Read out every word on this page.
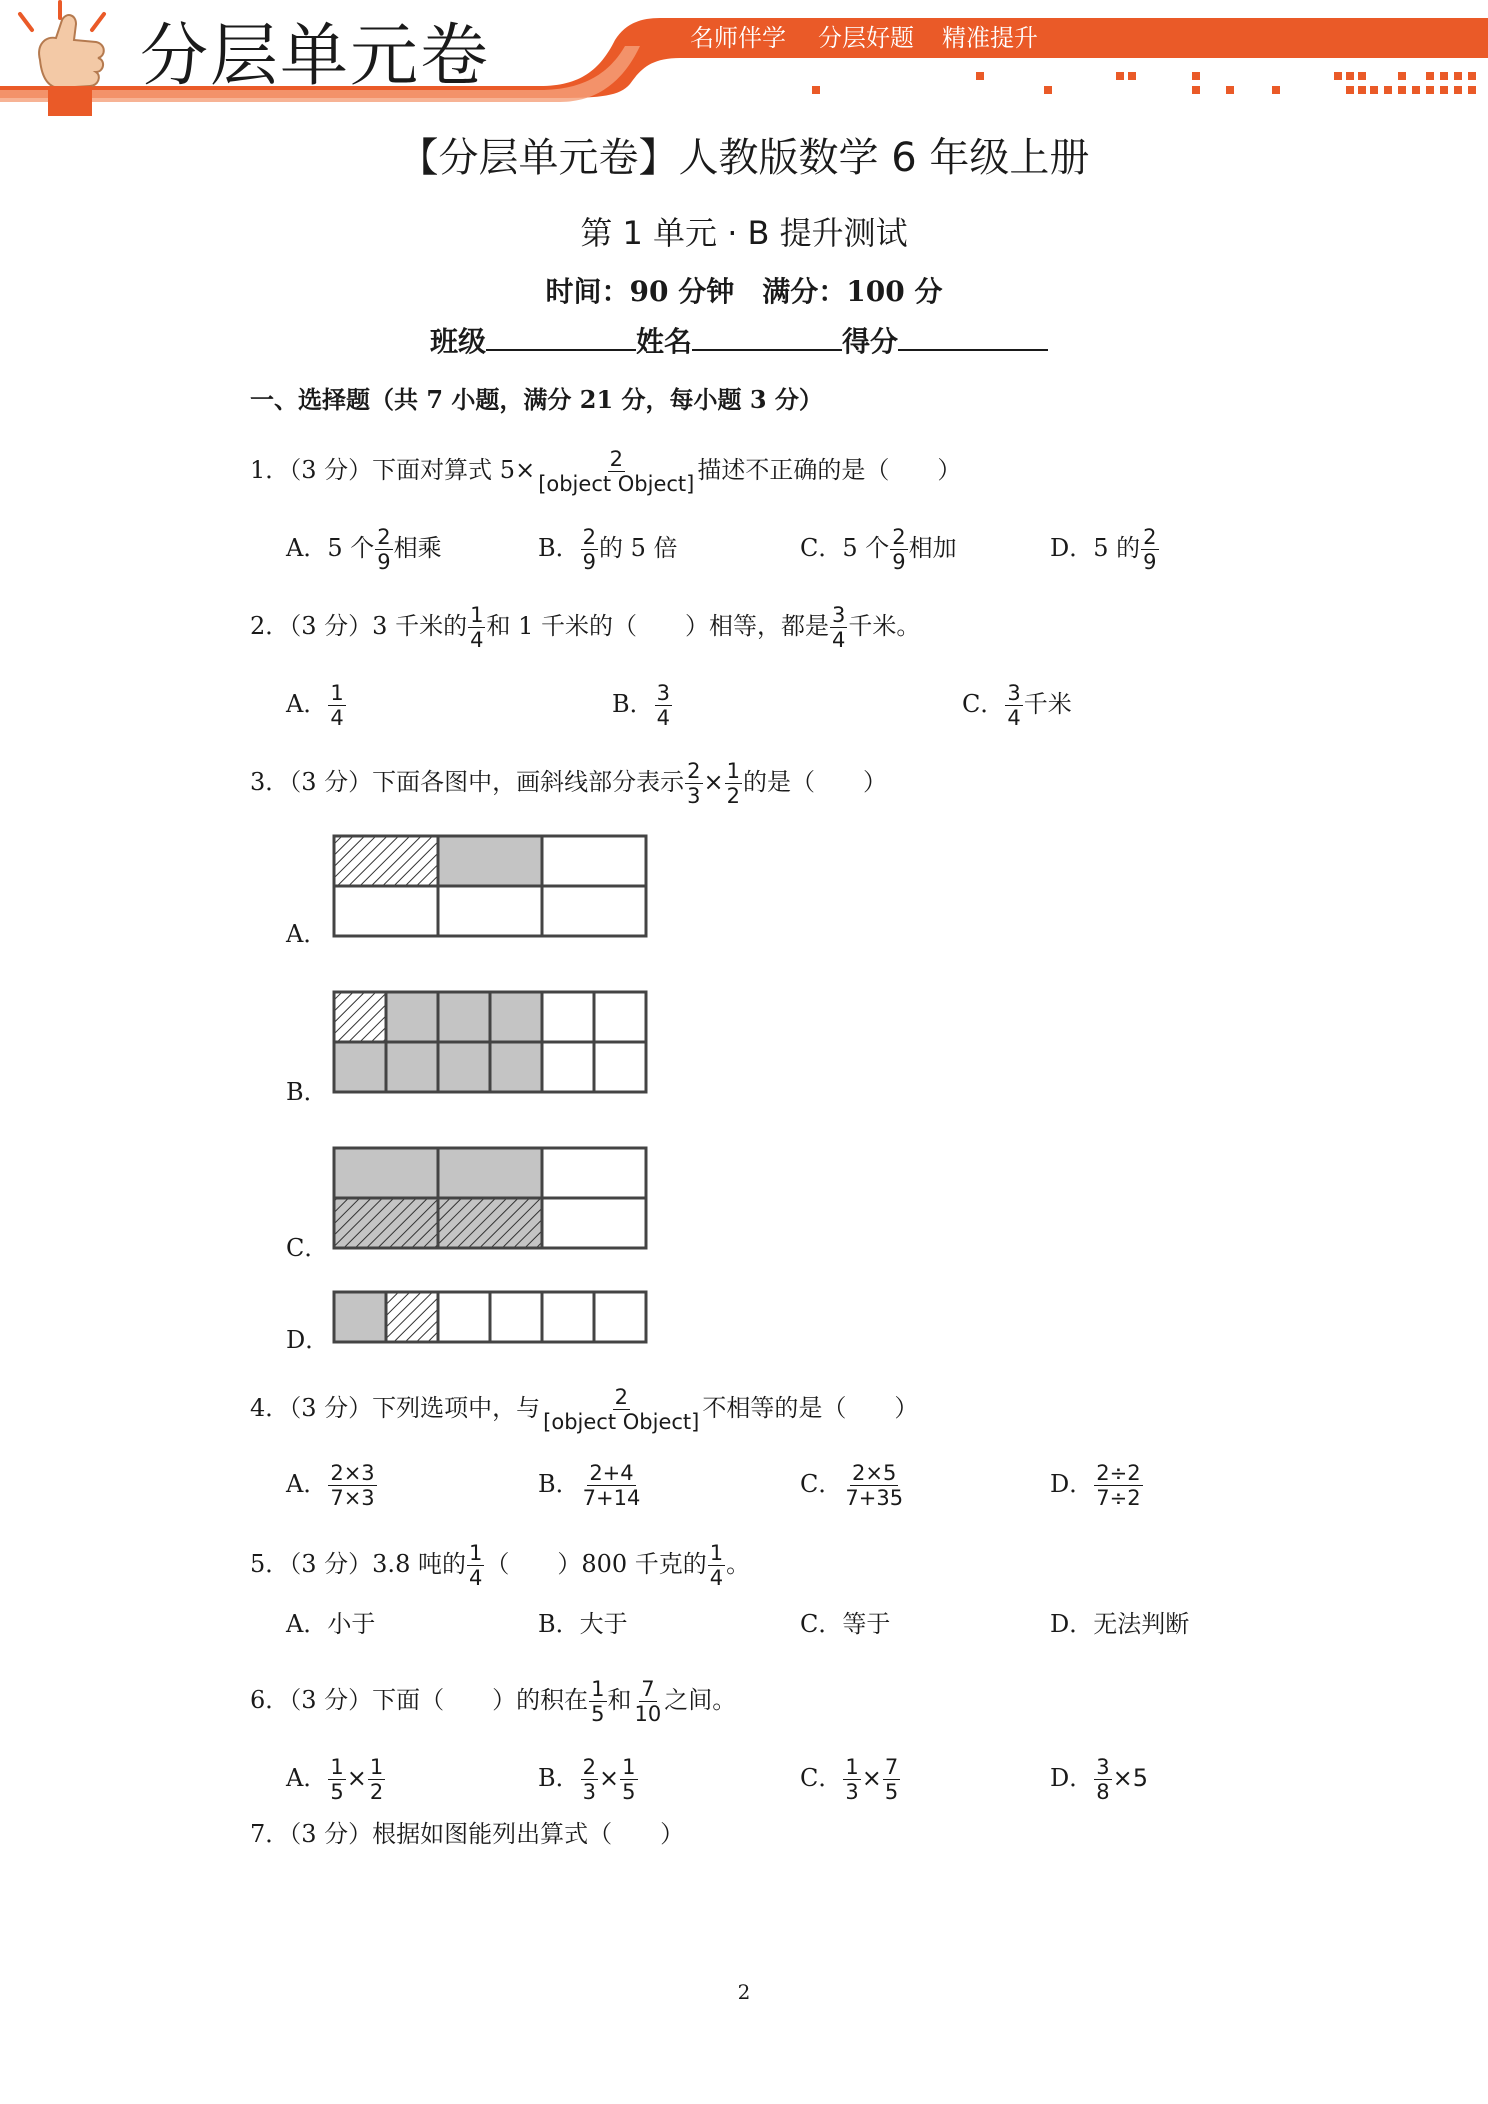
分层单元卷	名师伴学 分层好题 精准提升
【分层单元卷】人教版数学 6 年级上册
第 1 单元 · B 提升测试
时间：90 分钟　满分：100 分
班级	姓名	得分
一、选择题（共 7 小题，满分 21 分，每小题 3 分）
1．（3 分）下面对算式 $5\times \frac{2}{\text{[object Object]}}$ 描述不正确的是（　　）
A．5 个 $\frac{2}{9}$ 相乘	B． $\frac{2}{9}$ 的 5 倍	C．5 个 $\frac{2}{9}$ 相加	D．5 的 $\frac{2}{9}$
2．（3 分）3 千米的 $\frac{1}{4}$ 和 1 千米的（　　）相等，都是 $\frac{3}{4}$ 千米。
A． $\frac{1}{4}$	B． $\frac{3}{4}$	C． $\frac{3}{4}$ 千米
3．（3 分）下面各图中，画斜线部分表示 $\frac{2}{3} \times \frac{1}{2}$ 的是（　　）
A．
B．
C．
D．
4．（3 分）下列选项中，与 $\frac{2}{\text{[object Object]}}$ 不相等的是（　　）
A． $\frac{2\times 3}{7\times 3}$	B． $\frac{2+4}{7+14}$	C． $\frac{2\times 5}{7+35}$	D． $\frac{2\div 2}{7\div 2}$
5．（3 分）3.8 吨的 $\frac{1}{4}$ （　　）800 千克的 $\frac{1}{4}$ 。
A．小于	B．大于	C．等于	D．无法判断
6．（3 分）下面（　　）的积在 $\frac{1}{5}$ 和 $\frac{7}{10}$ 之间。
A． $\frac{1}{5} \times \frac{1}{2}$	B． $\frac{2}{3} \times \frac{1}{5}$	C． $\frac{1}{3} \times \frac{7}{5}$	D． $\frac{3}{8} \times 5$
7．（3 分）根据如图能列出算式（　　）
2
